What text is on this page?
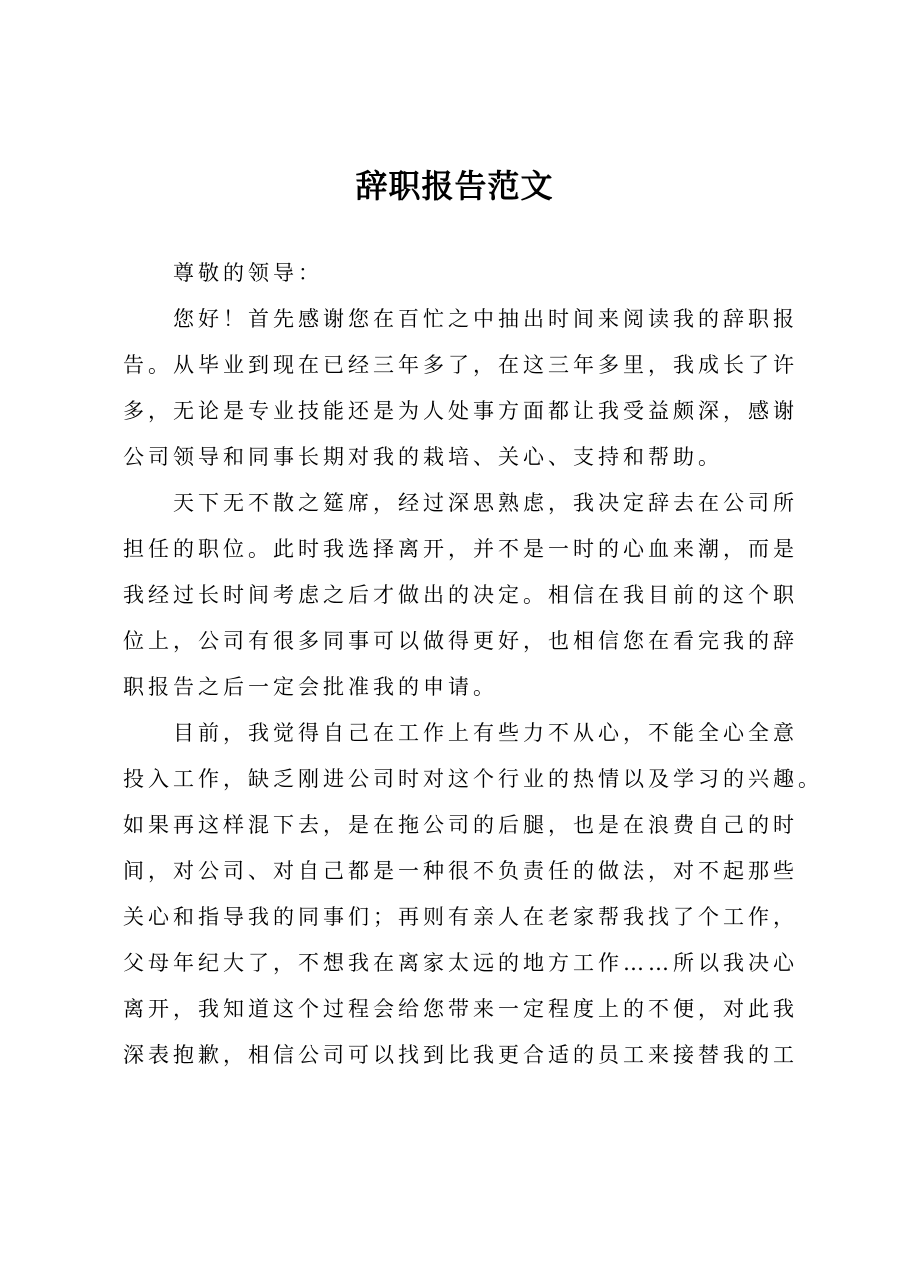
辞职报告范文
尊敬的领导：
您好！首先感谢您在百忙之中抽出时间来阅读我的辞职报
告。从毕业到现在已经三年多了，在这三年多里，我成长了许
多，无论是专业技能还是为人处事方面都让我受益颇深，感谢
公司领导和同事长期对我的栽培、关心、支持和帮助。
天下无不散之筵席，经过深思熟虑，我决定辞去在公司所
担任的职位。此时我选择离开，并不是一时的心血来潮，而是
我经过长时间考虑之后才做出的决定。相信在我目前的这个职
位上，公司有很多同事可以做得更好，也相信您在看完我的辞
职报告之后一定会批准我的申请。
目前，我觉得自己在工作上有些力不从心，不能全心全意
投入工作，缺乏刚进公司时对这个行业的热情以及学习的兴趣。
如果再这样混下去，是在拖公司的后腿，也是在浪费自己的时
间，对公司、对自己都是一种很不负责任的做法，对不起那些
关心和指导我的同事们；再则有亲人在老家帮我找了个工作，
父母年纪大了，不想我在离家太远的地方工作……所以我决心
离开，我知道这个过程会给您带来一定程度上的不便，对此我
深表抱歉，相信公司可以找到比我更合适的员工来接替我的工
